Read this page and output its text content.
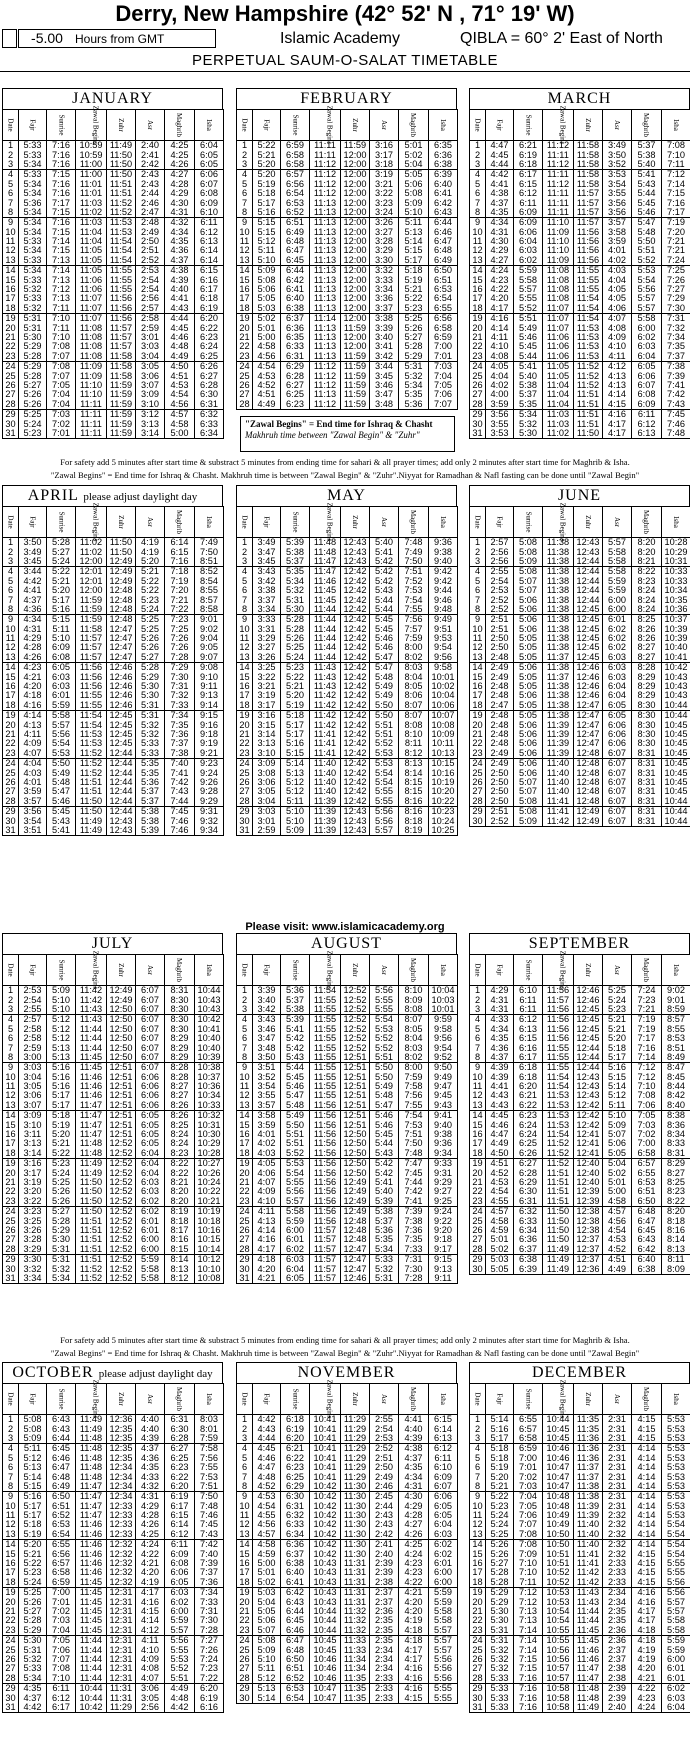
Derry, New Hampshire (42° 52' N , 71° 19' W)
-5.00 Hours from GMT	Islamic Academy	QIBLA = 60° 2' East of North
PERPETUAL SAUM-O-SALAT TIMETABLE
JANUARY
Date	Fajr	Sunrise	Zawal Begins	Zuhr	Asr	Maghrib	Isha
1	5:33	7:16	10:59	11:49	2:40	4:25	6:04
2	5:33	7:16	10:59	11:50	2:41	4:25	6:05
3	5:34	7:16	11:00	11:50	2:42	4:26	6:05
4	5:33	7:15	11:00	11:50	2:43	4:27	6:06
5	5:34	7:16	11:01	11:51	2:43	4:28	6:07
6	5:34	7:16	11:01	11:51	2:44	4:29	6:08
7	5:36	7:17	11:03	11:52	2:46	4:30	6:09
8	5:34	7:15	11:02	11:52	2:47	4:31	6:10
9	5:34	7:16	11:03	11:53	2:48	4:32	6:11
10	5:34	7:15	11:04	11:53	2:49	4:34	6:12
11	5:33	7:14	11:04	11:54	2:50	4:35	6:13
12	5:34	7:15	11:05	11:54	2:51	4:36	6:14
13	5:33	7:13	11:05	11:54	2:52	4:37	6:14
14	5:34	7:14	11:05	11:55	2:53	4:38	6:15
15	5:33	7:13	11:06	11:55	2:54	4:39	6:16
16	5:32	7:12	11:06	11:55	2:54	4:40	6:17
17	5:33	7:13	11:07	11:56	2:56	4:41	6:18
18	5:32	7:11	11:07	11:56	2:57	4:43	6:19
19	5:31	7:10	11:07	11:56	2:58	4:44	6:20
20	5:31	7:11	11:08	11:57	2:59	4:45	6:22
21	5:30	7:10	11:08	11:57	3:01	4:46	6:23
22	5:29	7:08	11:08	11:57	3:03	4:48	6:24
23	5:28	7:07	11:08	11:58	3:04	4:49	6:25
24	5:29	7:08	11:09	11:58	3:05	4:50	6:26
25	5:28	7:07	11:09	11:58	3:06	4:51	6:27
26	5:27	7:05	11:10	11:59	3:07	4:53	6:28
27	5:26	7:04	11:10	11:59	3:09	4:54	6:30
28	5:26	7:04	11:11	11:59	3:10	4:56	6:31
29	5:25	7:03	11:11	11:59	3:12	4:57	6:32
30	5:24	7:02	11:11	11:59	3:13	4:58	6:33
31	5:23	7:01	11:11	11:59	3:14	5:00	6:34
FEBRUARY
Date	Fajr	Sunrise	Zawal Begins	Zuhr	Asr	Maghrib	Isha
1	5:22	6:59	11:11	11:59	3:16	5:01	6:35
2	5:21	6:58	11:11	12:00	3:17	5:02	6:36
3	5:20	6:58	11:12	12:00	3:18	5:04	6:38
4	5:20	6:57	11:12	12:00	3:19	5:05	6:39
5	5:19	6:56	11:12	12:00	3:21	5:06	6:40
6	5:18	6:54	11:12	12:00	3:22	5:08	6:41
7	5:17	6:53	11:13	12:00	3:23	5:09	6:42
8	5:16	6:52	11:13	12:00	3:24	5:10	6:43
9	5:15	6:51	11:13	12:00	3:26	5:11	6:44
10	5:15	6:49	11:13	12:00	3:27	5:13	6:46
11	5:12	6:48	11:13	12:00	3:28	5:14	6:47
12	5:11	6:47	11:13	12:00	3:29	5:15	6:48
13	5:10	6:45	11:13	12:00	3:30	5:17	6:49
14	5:09	6:44	11:13	12:00	3:32	5:18	6:50
15	5:08	6:42	11:13	12:00	3:33	5:19	6:51
16	5:06	6:41	11:13	12:00	3:34	5:21	6:53
17	5:05	6:40	11:13	12:00	3:36	5:22	6:54
18	5:03	6:38	11:13	12:00	3:37	5:23	6:55
19	5:02	6:37	11:14	12:00	3:38	5:25	6:56
20	5:01	6:36	11:13	11:59	3:39	5:26	6:58
21	5:00	6:35	11:13	12:00	3:40	5:27	6:59
22	4:58	6:33	11:13	12:00	3:41	5:28	7:00
23	4:56	6:31	11:13	11:59	3:42	5:29	7:01
24	4:54	6:29	11:12	11:59	3:44	5:31	7:03
25	4:53	6:28	11:12	11:59	3:45	5:32	7:04
26	4:52	6:27	11:12	11:59	3:46	5:34	7:05
27	4:51	6:25	11:13	11:59	3:47	5:35	7:06
28	4:49	6:23	11:12	11:59	3:48	5:36	7:07
MARCH
Date	Fajr	Sunrise	Zawal Begins	Zuhr	Asr	Maghrib	Isha
1	4:47	6:21	11:12	11:58	3:49	5:37	7:08
2	4:45	6:19	11:11	11:58	3:50	5:38	7:10
3	4:44	6:18	11:12	11:58	3:52	5:40	7:11
4	4:42	6:17	11:11	11:58	3:53	5:41	7:12
5	4:41	6:15	11:12	11:58	3:54	5:43	7:14
6	4:38	6:12	11:11	11:57	3:55	5:44	7:15
7	4:37	6:11	11:11	11:57	3:56	5:45	7:16
8	4:35	6:09	11:11	11:57	3:56	5:46	7:17
9	4:34	6:09	11:10	11:57	3:57	5:47	7:19
10	4:31	6:06	11:09	11:56	3:58	5:48	7:20
11	4:30	6:04	11:10	11:56	3:59	5:50	7:21
12	4:29	6:03	11:10	11:56	4:01	5:51	7:21
13	4:27	6:02	11:09	11:56	4:02	5:52	7:24
14	4:24	5:59	11:08	11:55	4:03	5:53	7:25
15	4:23	5:58	11:08	11:55	4:04	5:54	7:26
16	4:22	5:57	11:08	11:55	4:05	5:56	7:27
17	4:20	5:55	11:08	11:54	4:05	5:57	7:29
18	4:17	5:52	11:07	11:54	4:06	5:57	7:30
19	4:16	5:51	11:07	11:54	4:07	5:58	7:31
20	4:14	5:49	11:07	11:53	4:08	6:00	7:32
21	4:11	5:46	11:06	11:53	4:09	6:02	7:34
22	4:10	5:45	11:06	11:53	4:10	6:03	7:35
23	4:08	5:44	11:06	11:53	4:11	6:04	7:37
24	4:05	5:41	11:05	11:52	4:12	6:05	7:38
25	4:04	5:40	11:05	11:52	4:13	6:06	7:39
26	4:02	5:38	11:04	11:52	4:13	6:07	7:41
27	4:00	5:37	11:04	11:51	4:14	6:08	7:42
28	3:59	5:35	11:04	11:51	4:15	6:09	7:43
29	3:56	5:34	11:03	11:51	4:16	6:11	7:45
30	3:55	5:32	11:03	11:51	4:17	6:12	7:46
31	3:53	5:30	11:02	11:50	4:17	6:13	7:48
APRIL please adjust daylight day
Date	Fajr	Sunrise	Zawal Begins	Zuhr	Asr	Maghrib	Isha
1	3:50	5:28	11:02	11:50	4:19	6:14	7:49
2	3:49	5:27	11:02	11:50	4:19	6:15	7:50
3	3:45	5:24	12:00	12:49	5:20	7:16	8:51
4	3:44	5:22	12:01	12:49	5:21	7:18	8:52
5	4:42	5:21	12:01	12:49	5:22	7:19	8:54
6	4:41	5:20	12:00	12:48	5:22	7:20	8:55
7	4:37	5:17	11:59	12:48	5:23	7:21	8:57
8	4:36	5:16	11:59	12:48	5:24	7:22	8:58
9	4:34	5:15	11:59	12:48	5:25	7:23	9:01
10	4:31	5:11	11:58	12:47	5:25	7:25	9:02
11	4:29	5:10	11:57	12:47	5:26	7:26	9:04
12	4:28	6:09	11:57	12:47	5:26	7:26	9:05
13	4:26	6:08	11:57	12:47	5:27	7:28	9:07
14	4:23	6:05	11:56	12:46	5:28	7:29	9:08
15	4:21	6:03	11:56	12:46	5:29	7:30	9:10
16	4:20	6:03	11:56	12:46	5:30	7:31	9:11
17	4:18	6:01	11:55	12:46	5:30	7:32	9:13
18	4:16	5:59	11:55	12:46	5:31	7:33	9:14
19	4:14	5:58	11:54	12:45	5:31	7:34	9:15
20	4:13	5:57	11:54	12:45	5:32	7:35	9:16
21	4:11	5:56	11:53	12:45	5:32	7:36	9:18
22	4:09	5:54	11:53	12:45	5:33	7:37	9:19
23	4:07	5:53	11:52	12:44	5:33	7:38	9:21
24	4:04	5:50	11:52	12:44	5:35	7:40	9:23
25	4:03	5:49	11:52	12:44	5:35	7:41	9:24
26	4:01	5:48	11:51	12:44	5:36	7:42	9:26
27	3:59	5:47	11:51	12:44	5:37	7:43	9:28
28	3:57	5:46	11:50	12:44	5:37	7:44	9:29
29	3:56	5:45	11:50	12:44	5:38	7:45	9:31
30	3:54	5:43	11:49	12:43	5:38	7:46	9:32
31	3:51	5:41	11:49	12:43	5:39	7:46	9:34
MAY
Date	Fajr	Sunrise	Zawal Begins	Zuhr	Asr	Maghrib	Isha
1	3:49	5:39	11:48	12:43	5:40	7:48	9:36
2	3:47	5:38	11:48	12:43	5:41	7:49	9:38
3	3:45	5:37	11:47	12:43	5:42	7:50	9:40
4	3:43	5:35	11:47	12:42	5:42	7:51	9:42
5	3:42	5:34	11:46	12:42	5:42	7:52	9:42
6	3:38	5:32	11:45	12:42	5:43	7:53	9:44
7	3:37	5:31	11:45	12:42	5:44	7:54	9:46
8	3:34	5:30	11:44	12:42	5:44	7:55	9:48
9	3:33	5:28	11:44	12:42	5:45	7:56	9:49
10	3:31	5:28	11:44	12:42	5:45	7:57	9:51
11	3:29	5:26	11:44	12:42	5:46	7:59	9:53
12	3:27	5:25	11:44	12:42	5:46	8:00	9:54
13	3:26	5:24	11:44	12:42	5:47	8:02	9:56
14	3:25	5:23	11:43	12:42	5:47	8:03	9:58
15	3:22	5:22	11:43	12:42	5:48	8:04	10:01
16	3:21	5:21	11:43	12:42	5:49	8:05	10:02
17	3:19	5:20	11:42	12:42	5:49	8:06	10:04
18	3:17	5:19	11:42	12:42	5:50	8:07	10:06
19	3:16	5:18	11:42	12:42	5:50	8:07	10:07
20	3:15	5:17	11:42	12:42	5:51	8:08	10:08
21	3:14	5:17	11:41	12:42	5:51	8:10	10:09
22	3:13	5:16	11:41	12:42	5:52	8:11	10:11
23	3:10	5:15	11:41	12:42	5:53	8:12	10:13
24	3:09	5:14	11:40	12:42	5:53	8:13	10:15
25	3:08	5:13	11:40	12:42	5:54	8:14	10:16
26	3:06	5:12	11:40	12:42	5:54	8:15	10:19
27	3:05	5:12	11:40	12:42	5:55	8:15	10:20
28	3:04	5:11	11:39	12:42	5:55	8:16	10:22
29	3:03	5:10	11:39	12:43	5:56	8:16	10:23
30	3:01	5:10	11:39	12:43	5:56	8:18	10:24
31	2:59	5:09	11:39	12:43	5:57	8:19	10:25
JUNE
Date	Fajr	Sunrise	Zawal Begins	Zuhr	Asr	Maghrib	Isha
1	2:57	5:08	11:38	12:43	5:57	8:20	10:28
2	2:56	5:08	11:38	12:43	5:58	8:20	10:29
3	2:56	5:09	11:38	12:44	5:58	8:21	10:31
4	2:55	5:08	11:38	12:44	5:58	8:22	10:33
5	2:54	5:07	11:38	12:44	5:59	8:23	10:33
6	2:53	5:07	11:38	12:44	5:59	8:24	10:34
7	2:52	5:06	11:38	12:44	6:00	8:24	10:35
8	2:52	5:06	11:38	12:45	6:00	8:24	10:36
9	2:51	5:06	11:38	12:45	6:01	8:25	10:37
10	2:51	5:06	11:38	12:45	6:02	8:26	10:39
11	2:50	5:05	11:38	12:45	6:02	8:26	10:39
12	2:50	5:05	11:38	12:45	6:02	8:27	10:40
13	2:48	5:05	11:37	12:45	6:03	8:27	10:41
14	2:49	5:06	11:38	12:46	6:03	8:28	10:42
15	2:49	5:05	11:37	12:46	6:03	8:29	10:43
16	2:48	5:05	11:38	12:46	6:04	8:29	10:43
17	2:48	5:06	11:38	12:46	6:04	8:29	10:43
18	2:47	5:05	11:38	12:47	6:05	8:30	10:44
19	2:48	5:05	11:38	12:47	6:05	8:30	10:44
20	2:48	5:06	11:39	12:47	6:06	8:30	10:45
21	2:48	5:06	11:39	12:47	6:06	8:30	10:45
22	2:48	5:06	11:39	12:47	6:06	8:30	10:45
23	2:49	5:06	11:39	12:48	6:07	8:31	10:45
24	2:49	5:06	11:40	12:48	6:07	8:31	10:45
25	2:50	5:06	11:40	12:48	6:07	8:31	10:45
26	2:50	5:07	11:40	12:48	6:07	8:31	10:45
27	2:50	5:07	11:40	12:48	6:07	8:31	10:45
28	2:50	5:08	11:41	12:48	6:07	8:31	10:44
29	2:51	5:08	11:41	12:49	6:07	8:31	10:44
30	2:52	5:09	11:42	12:49	6:07	8:31	10:44
JULY
Date	Fajr	Sunrise	Zawal Begins	Zuhr	Asr	Maghrib	Isha
1	2:53	5:09	11:42	12:49	6:07	8:31	10:44
2	2:54	5:10	11:42	12:49	6:07	8:30	10:43
3	2:55	5:10	11:43	12:50	6:07	8:30	10:43
4	2:57	5:12	11:43	12:50	6:07	8:30	10:42
5	2:58	5:12	11:44	12:50	6:07	8:30	10:41
6	2:58	5:12	11:44	12:50	6:07	8:29	10:40
7	2:59	5:13	11:44	12:50	6:07	8:29	10:40
8	3:00	5:13	11:45	12:50	6:07	8:29	10:39
9	3:03	5:16	11:45	12:51	6:07	8:28	10:38
10	3:04	5:16	11:46	12:51	6:06	8:28	10:37
11	3:05	5:16	11:46	12:51	6:06	8:27	10:36
12	3:06	5:17	11:46	12:51	6:06	8:27	10:34
13	3:07	5:17	11:47	12:51	6:06	8:26	10:33
14	3:09	5:18	11:47	12:51	6:05	8:26	10:32
15	3:10	5:19	11:47	12:51	6:05	8:25	10:31
16	3:11	5:20	11:47	12:51	6:05	8:24	10:30
17	3:13	5:21	11:48	12:52	6:05	8:24	10:29
18	3:14	5:22	11:48	12:52	6:04	8:23	10:28
19	3:16	5:23	11:49	12:52	6:04	8:22	10:27
20	3:17	5:24	11:49	12:52	6:04	8:22	10:26
21	3:19	5:25	11:50	12:52	6:03	8:21	10:24
22	3:20	5:26	11:50	12:52	6:03	8:20	10:22
23	3:22	5:26	11:50	12:52	6:02	8:20	10:21
24	3:23	5:27	11:50	12:52	6:02	8:19	10:19
25	3:25	5:28	11:51	12:52	6:01	8:18	10:18
26	3:26	5:29	11:51	12:52	6:01	8:17	10:16
27	3:28	5:30	11:51	12:52	6:00	8:16	10:15
28	3:29	5:31	11:51	12:52	6:00	8:15	10:14
29	3:30	5:31	11:51	12:52	5:59	8:14	10:12
30	3:32	5:32	11:52	12:52	5:58	8:13	10:10
31	3:34	5:34	11:52	12:52	5:58	8:12	10:08
AUGUST
Date	Fajr	Sunrise	Zawal Begins	Zuhr	Asr	Maghrib	Isha
1	3:39	5:36	11:54	12:52	5:56	8:10	10:04
2	3:40	5:37	11:55	12:52	5:55	8:09	10:03
3	3:42	5:38	11:55	12:52	5:55	8:08	10:01
4	3:43	5:39	11:55	12:52	5:54	8:07	9:59
5	3:46	5:41	11:55	12:52	5:53	8:05	9:58
6	3:47	5:42	11:55	12:52	5:52	8:04	9:56
7	3:48	5:42	11:55	12:52	5:52	8:03	9:54
8	3:50	5:43	11:55	12:51	5:51	8:02	9:52
9	3:51	5:44	11:55	12:51	5:50	8:00	9:50
10	3:52	5:45	11:55	12:51	5:50	7:59	9:49
11	3:54	5:46	11:55	12:51	5:49	7:58	9:47
12	3:55	5:47	11:55	12:51	5:48	7:56	9:45
13	3:57	5:48	11:56	12:51	5:47	7:55	9:43
14	3:58	5:49	11:56	12:51	5:46	7:54	9:41
15	3:59	5:50	11:56	12:51	5:46	7:53	9:40
16	4:01	5:51	11:56	12:50	5:45	7:51	9:38
17	4:02	5:51	11:56	12:50	5:44	7:50	9:36
18	4:03	5:52	11:56	12:50	5:43	7:48	9:34
19	4:05	5:53	11:56	12:50	5:42	7:47	9:33
20	4:06	5:54	11:56	12:50	5:42	7:45	9:31
21	4:07	5:55	11:56	12:49	5:41	7:44	9:29
22	4:09	5:56	11:56	12:49	5:40	7:42	9:27
23	4:10	5:57	11:56	12:49	5:39	7:41	9:25
24	4:11	5:58	11:56	12:49	5:38	7:39	9:24
25	4:13	5:59	11:56	12:48	5:37	7:38	9:22
26	4:14	6:00	11:57	12:48	5:36	7:36	9:20
27	4:16	6:01	11:57	12:48	5:35	7:35	9:18
28	4:17	6:02	11:57	12:47	5:34	7:33	9:17
29	4:18	6:03	11:57	12:47	5:33	7:31	9:15
30	4:20	6:04	11:57	12:47	5:32	7:30	9:13
31	4:21	6:05	11:57	12:46	5:31	7:28	9:11
SEPTEMBER
Date	Fajr	Sunrise	Zawal Begins	Zuhr	Asr	Maghrib	Isha
1	4:29	6:10	11:56	12:46	5:25	7:24	9:02
2	4:31	6:11	11:57	12:46	5:24	7:23	9:01
3	4:31	6:11	11:56	12:45	5:23	7:21	8:59
4	4:33	6:12	11:56	12:45	5:21	7:19	8:57
5	4:34	6:13	11:56	12:45	5:21	7:19	8:55
6	4:35	6:15	11:56	12:45	5:20	7:17	8:53
7	4:36	6:16	11:55	12:44	5:18	7:16	8:51
8	4:37	6:17	11:55	12:44	5:17	7:14	8:49
9	4:39	6:18	11:55	12:44	5:16	7:12	8:47
10	4:39	6:18	11:54	12:43	5:15	7:12	8:45
11	4:41	6:20	11:54	12:43	5:14	7:10	8:44
12	4:43	6:21	11:53	12:43	5:12	7:08	8:42
13	4:43	6:22	11:53	12:42	5:11	7:06	8:40
14	4:45	6:23	11:53	12:42	5:10	7:05	8:38
15	4:46	6:24	11:53	12:42	5:09	7:03	8:36
16	4:47	6:24	11:54	12:41	5:07	7:02	8:34
17	4:49	6:25	11:52	12:41	5:06	7:00	8:33
18	4:50	6:26	11:52	12:41	5:05	6:58	8:31
19	4:51	6:27	11:52	12:40	5:04	6:57	8:29
20	4:52	6:28	11:51	12:40	5:02	6:55	8:27
21	4:53	6:29	11:51	12:40	5:01	6:53	8:25
22	4:54	6:30	11:51	12:39	5:00	6:51	8:23
23	4:55	6:31	11:51	12:39	4:58	6:50	8:22
24	4:57	6:32	11:50	12:38	4:57	6:48	8:20
25	4:58	6:33	11:50	12:38	4:56	6:47	8:18
26	4:59	6:34	11:50	12:38	4:54	6:45	8:16
27	5:01	6:36	11:50	12:37	4:53	6:43	8:14
28	5:02	6:37	11:49	12:37	4:52	6:42	8:13
29	5:03	6:38	11:49	12:37	4:51	6:40	8:11
30	5:05	6:39	11:49	12:36	4:49	6:38	8:09
OCTOBER please adjust daylight day
Date	Fajr	Sunrise	Zawal Begins	Zuhr	Asr	Maghrib	Isha
1	5:08	6:43	11:49	12:36	4:40	6:31	8:03
2	5:08	6:43	11:49	12:35	4:40	6:30	8:01
3	5:09	6:44	11:48	12:35	4:39	6:28	7:59
4	5:11	6:45	11:48	12:35	4:37	6:27	7:58
5	5:12	6:46	11:48	12:35	4:36	6:25	7:56
6	5:13	6:47	11:48	12:34	4:35	6:23	7:55
7	5:14	6:48	11:48	12:34	4:33	6:22	7:53
8	5:15	6:49	11:47	12:34	4:32	6:20	7:51
9	5:16	6:50	11:47	12:34	4:31	6:19	7:50
10	5:17	6:51	11:47	12:33	4:29	6:17	7:48
11	5:17	6:52	11:47	12:33	4:28	6:15	7:46
12	5:18	6:53	11:46	12:33	4:26	6:14	7:45
13	5:19	6:54	11:46	12:33	4:25	6:12	7:43
14	5:20	6:55	11:46	12:32	4:24	6:11	7:42
15	5:21	6:56	11:46	12:32	4:22	6:09	7:40
16	5:22	6:57	11:46	12:32	4:21	6:08	7:39
17	5:23	6:58	11:46	12:32	4:20	6:06	7:37
18	5:24	6:59	11:45	12:32	4:19	6:05	7:36
19	5:25	7:00	11:45	12:31	4:17	6:03	7:34
20	5:26	7:01	11:45	12:31	4:16	6:02	7:33
21	5:27	7:02	11:45	12:31	4:15	6:00	7:31
22	5:28	7:03	11:45	12:31	4:14	5:59	7:30
23	5:29	7:04	11:45	12:31	4:12	5:57	7:28
24	5:30	7:05	11:44	12:31	4:11	5:56	7:27
25	5:31	7:06	11:44	12:31	4:10	5:55	7:26
26	5:32	7:07	11:44	12:31	4:09	5:53	7:24
27	5:33	7:08	11:44	12:31	4:08	5:52	7:23
28	5:34	7:10	11:44	12:31	4:07	5:51	7:22
29	4:35	6:11	10:44	11:31	3:06	4:49	6:20
30	4:37	6:12	10:44	11:31	3:05	4:48	6:19
31	4:42	6:17	10:42	11:29	2:56	4:42	6:16
NOVEMBER
Date	Fajr	Sunrise	Zawal Begins	Zuhr	Asr	Maghrib	Isha
1	4:42	6:18	10:41	11:29	2:55	4:41	6:15
2	4:43	6:19	10:41	11:29	2:54	4:40	6:14
3	4:44	6:20	10:41	11:29	2:53	4:39	6:13
4	4:45	6:21	10:41	11:29	2:52	4:38	6:12
5	4:46	6:22	10:41	11:29	2:51	4:37	6:11
6	4:47	6:23	10:41	11:29	2:50	4:35	6:10
7	4:48	6:25	10:41	11:29	2:49	4:34	6:09
8	4:52	6:29	10:42	11:30	2:46	4:31	6:07
9	4:53	6:30	10:42	11:30	2:45	4:30	6:06
10	4:54	6:31	10:42	11:30	2:44	4:29	6:05
11	4:55	6:32	10:42	11:30	2:43	4:28	6:05
12	4:56	6:33	10:42	11:30	2:43	4:27	6:04
13	4:57	6:34	10:42	11:30	2:42	4:26	6:03
14	4:58	6:36	10:42	11:30	2:41	4:25	6:02
15	4:59	6:37	10:42	11:30	2:40	4:24	6:02
16	5:00	6:38	10:43	11:31	2:39	4:23	6:01
17	5:01	6:40	10:43	11:31	2:39	4:23	6:00
18	5:02	6:41	10:43	11:31	2:38	4:22	6:00
19	5:03	6:42	10:43	11:31	2:37	4:21	5:59
20	5:04	6:43	10:43	11:31	2:37	4:20	5:59
21	5:05	6:44	10:44	11:32	2:36	4:20	5:58
22	5:06	6:45	10:44	11:32	2:35	4:19	5:58
23	5:07	6:46	10:44	11:32	2:35	4:18	5:57
24	5:08	6:47	10:45	11:33	2:35	4:18	5:57
25	5:09	6:48	10:45	11:33	2:34	4:17	5:57
26	5:10	6:50	10:46	11:34	2:34	4:17	5:56
27	5:11	6:51	10:46	11:34	2:34	4:16	5:56
28	5:12	6:52	10:46	11:35	2:33	4:16	5:56
29	5:13	6:53	10:47	11:35	2:33	4:16	5:55
30	5:14	6:54	10:47	11:35	2:33	4:15	5:55
DECEMBER
Date	Fajr	Sunrise	Zawal Begins	Zuhr	Asr	Maghrib	Isha
1	5:14	6:55	10:44	11:35	2:31	4:15	5:53
2	5:16	6:57	10:45	11:35	2:31	4:15	5:53
3	5:17	6:58	10:45	11:36	2:31	4:15	5:53
4	5:18	6:59	10:46	11:36	2:31	4:14	5:53
5	5:18	7:00	10:46	11:36	2:31	4:14	5:53
6	5:19	7:01	10:47	11:37	2:31	4:14	5:53
7	5:20	7:02	10:47	11:37	2:31	4:14	5:53
8	5:21	7:03	10:47	11:38	2:31	4:14	5:53
9	5:22	7:04	10:48	11:38	2:31	4:14	5:53
10	5:23	7:05	10:48	11:39	2:31	4:14	5:53
11	5:24	7:06	10:49	11:39	2:32	4:14	5:53
12	5:24	7:07	10:49	11:40	2:32	4:14	5:54
13	5:25	7:08	10:50	11:40	2:32	4:14	5:54
14	5:26	7:08	10:50	11:40	2:32	4:14	5:54
15	5:26	7:09	10:51	11:41	2:32	4:15	5:54
16	5:27	7:10	10:51	11:41	2:33	4:15	5:55
17	5:28	7:10	10:52	11:42	2:33	4:15	5:55
18	5:28	7:11	10:52	11:42	2:33	4:15	5:56
19	5:29	7:12	10:53	11:43	2:34	4:16	5:56
20	5:29	7:12	10:53	11:43	2:34	4:16	5:57
21	5:30	7:13	10:54	11:44	2:35	4:17	5:57
22	5:30	7:13	10:54	11:44	2:35	4:17	5:58
23	5:31	7:14	10:55	11:45	2:36	4:18	5:58
24	5:31	7:14	10:55	11:45	2:36	4:18	5:59
25	5:32	7:14	10:56	11:46	2:37	4:19	5:59
26	5:32	7:15	10:56	11:46	2:37	4:19	6:00
27	5:32	7:15	10:57	11:47	2:38	4:20	6:01
28	5:33	7:16	10:57	11:47	2:38	4:21	6:01
29	5:33	7:16	10:58	11:48	2:39	4:22	6:02
30	5:33	7:16	10:58	11:48	2:39	4:23	6:03
31	5:33	7:16	10:58	11:49	2:40	4:24	6:04
"Zawal Begins" = End time for Ishraq & Chasht
Makhruh time between "Zawal Begin" & "Zuhr"
For safety add 5 minutes after start time & substract 5 minutes from ending time for sahari & all prayer times; add only 2 minutes after start time for Maghrib & Isha.
"Zawal Begins" = End time for Ishraq & Chasht. Makhruh time is between "Zawal Begin" & "Zuhr".Niyyat for Ramadhan & Nafl fasting can be done until "Zawal Begin"
Please visit: www.islamicacademy.org
For safety add 5 minutes after start time & substract 5 minutes from ending time for sahari & all prayer times; add only 2 minutes after start time for Maghrib & Isha.
"Zawal Begins" = End time for Ishraq & Chasht. Makhruh time is between "Zawal Begin" & "Zuhr".Niyyat for Ramadhan & Nafl fasting can be done until "Zawal Begin"
